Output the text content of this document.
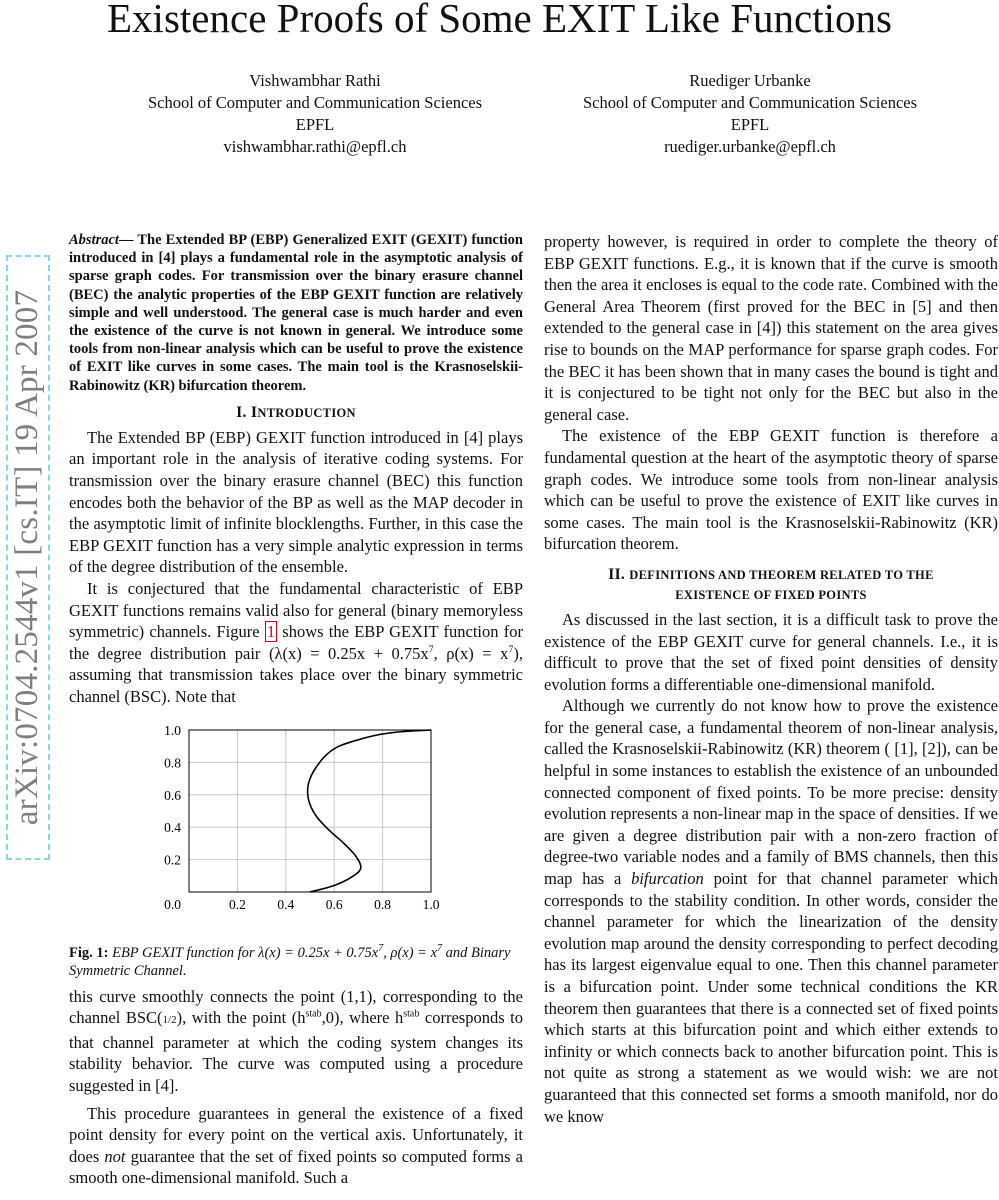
arXiv:0704.2544v1 [cs.IT] 19 Apr 2007
Existence Proofs of Some EXIT Like Functions
Vishwambhar Rathi
School of Computer and Communication Sciences
EPFL
vishwambhar.rathi@epfl.ch
Ruediger Urbanke
School of Computer and Communication Sciences
EPFL
ruediger.urbanke@epfl.ch

Abstract— The Extended BP (EBP) Generalized EXIT (GEXIT) function introduced in [4] plays a fundamental role in the asymptotic analysis of sparse graph codes. For transmission over the binary erasure channel (BEC) the analytic properties of the EBP GEXIT function are relatively simple and well understood. The general case is much harder and even the existence of the curve is not known in general. We introduce some tools from non-linear analysis which can be useful to prove the existence of EXIT like curves in some cases. The main tool is the Krasnoselskii-Rabinowitz (KR) bifurcation theorem.

I. INTRODUCTION

The Extended BP (EBP) GEXIT function introduced in [4] plays an important role in the analysis of iterative coding systems. For transmission over the binary erasure channel (BEC) this function encodes both the behavior of the BP as well as the MAP decoder in the asymptotic limit of infinite blocklengths. Further, in this case the EBP GEXIT function has a very simple analytic expression in terms of the degree distribution of the ensemble.

It is conjectured that the fundamental characteristic of EBP GEXIT functions remains valid also for general (binary memoryless symmetric) channels. Figure 1 shows the EBP GEXIT function for the degree distribution pair ($\lambda(x) = 0.25x + 0.75x^7$, $\rho(x) = x^7$), assuming that transmission takes place over the binary symmetric channel (BSC). Note that

0.2 0.4 0.6 0.8 1.0
0.0
0.2
0.4
0.6
0.8
1.0

Fig. 1: EBP GEXIT function for $\lambda(x) = 0.25x + 0.75x^7$, $\rho(x) = x^7$ and Binary Symmetric Channel.

this curve smoothly connects the point (1,1), corresponding to the channel BSC(1/2), with the point $(h^{stab},0)$, where $h^{stab}$ corresponds to that channel parameter at which the coding system changes its stability behavior. The curve was computed using a procedure suggested in [4].

This procedure guarantees in general the existence of a fixed point density for every point on the vertical axis. Unfortunately, it does not guarantee that the set of fixed points so computed forms a smooth one-dimensional manifold. Such a

property however, is required in order to complete the theory of EBP GEXIT functions. E.g., it is known that if the curve is smooth then the area it encloses is equal to the code rate. Combined with the General Area Theorem (first proved for the BEC in [5] and then extended to the general case in [4]) this statement on the area gives rise to bounds on the MAP performance for sparse graph codes. For the BEC it has been shown that in many cases the bound is tight and it is conjectured to be tight not only for the BEC but also in the general case.

The existence of the EBP GEXIT function is therefore a fundamental question at the heart of the asymptotic theory of sparse graph codes. We introduce some tools from non-linear analysis which can be useful to prove the existence of EXIT like curves in some cases. The main tool is the Krasnoselskii-Rabinowitz (KR) bifurcation theorem.

II. DEFINITIONS AND THEOREM RELATED TO THE
EXISTENCE OF FIXED POINTS

As discussed in the last section, it is a difficult task to prove the existence of the EBP GEXIT curve for general channels. I.e., it is difficult to prove that the set of fixed point densities of density evolution forms a differentiable one-dimensional manifold.

Although we currently do not know how to prove the existence for the general case, a fundamental theorem of non-linear analysis, called the Krasnoselskii-Rabinowitz (KR) theorem ( [1], [2]), can be helpful in some instances to establish the existence of an unbounded connected component of fixed points. To be more precise: density evolution represents a non-linear map in the space of densities. If we are given a degree distribution pair with a non-zero fraction of degree-two variable nodes and a family of BMS channels, then this map has a bifurcation point for that channel parameter which corresponds to the stability condition. In other words, consider the channel parameter for which the linearization of the density evolution map around the density corresponding to perfect decoding has its largest eigenvalue equal to one. Then this channel parameter is a bifurcation point. Under some technical conditions the KR theorem then guarantees that there is a connected set of fixed points which starts at this bifurcation point and which either extends to infinity or which connects back to another bifurcation point. This is not quite as strong a statement as we would wish: we are not guaranteed that this connected set forms a smooth manifold, nor do we know
